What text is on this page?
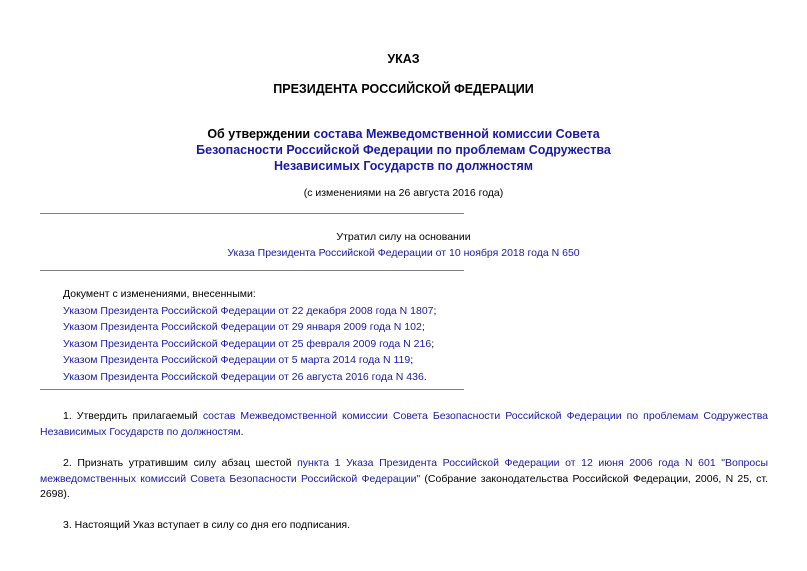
УКАЗ
ПРЕЗИДЕНТА РОССИЙСКОЙ ФЕДЕРАЦИИ
Об утверждении состава Межведомственной комиссии Совета
Безопасности Российской Федерации по проблемам Содружества
Независимых Государств по должностям
(с изменениями на 26 августа 2016 года)
Утратил силу на основании
Указа Президента Российской Федерации от 10 ноября 2018 года N 650
Документ с изменениями, внесенными:
Указом Президента Российской Федерации от 22 декабря 2008 года N 1807;
Указом Президента Российской Федерации от 29 января 2009 года N 102;
Указом Президента Российской Федерации от 25 февраля 2009 года N 216;
Указом Президента Российской Федерации от 5 марта 2014 года N 119;
Указом Президента Российской Федерации от 26 августа 2016 года N 436.
1. Утвердить прилагаемый состав Межведомственной комиссии Совета Безопасности Российской Федерации по проблемам Содружества Независимых Государств по должностям.
2. Признать утратившим силу абзац шестой пункта 1 Указа Президента Российской Федерации от 12 июня 2006 года N 601 "Вопросы межведомственных комиссий Совета Безопасности Российской Федерации" (Собрание законодательства Российской Федерации, 2006, N 25, ст. 2698).
3. Настоящий Указ вступает в силу со дня его подписания.
